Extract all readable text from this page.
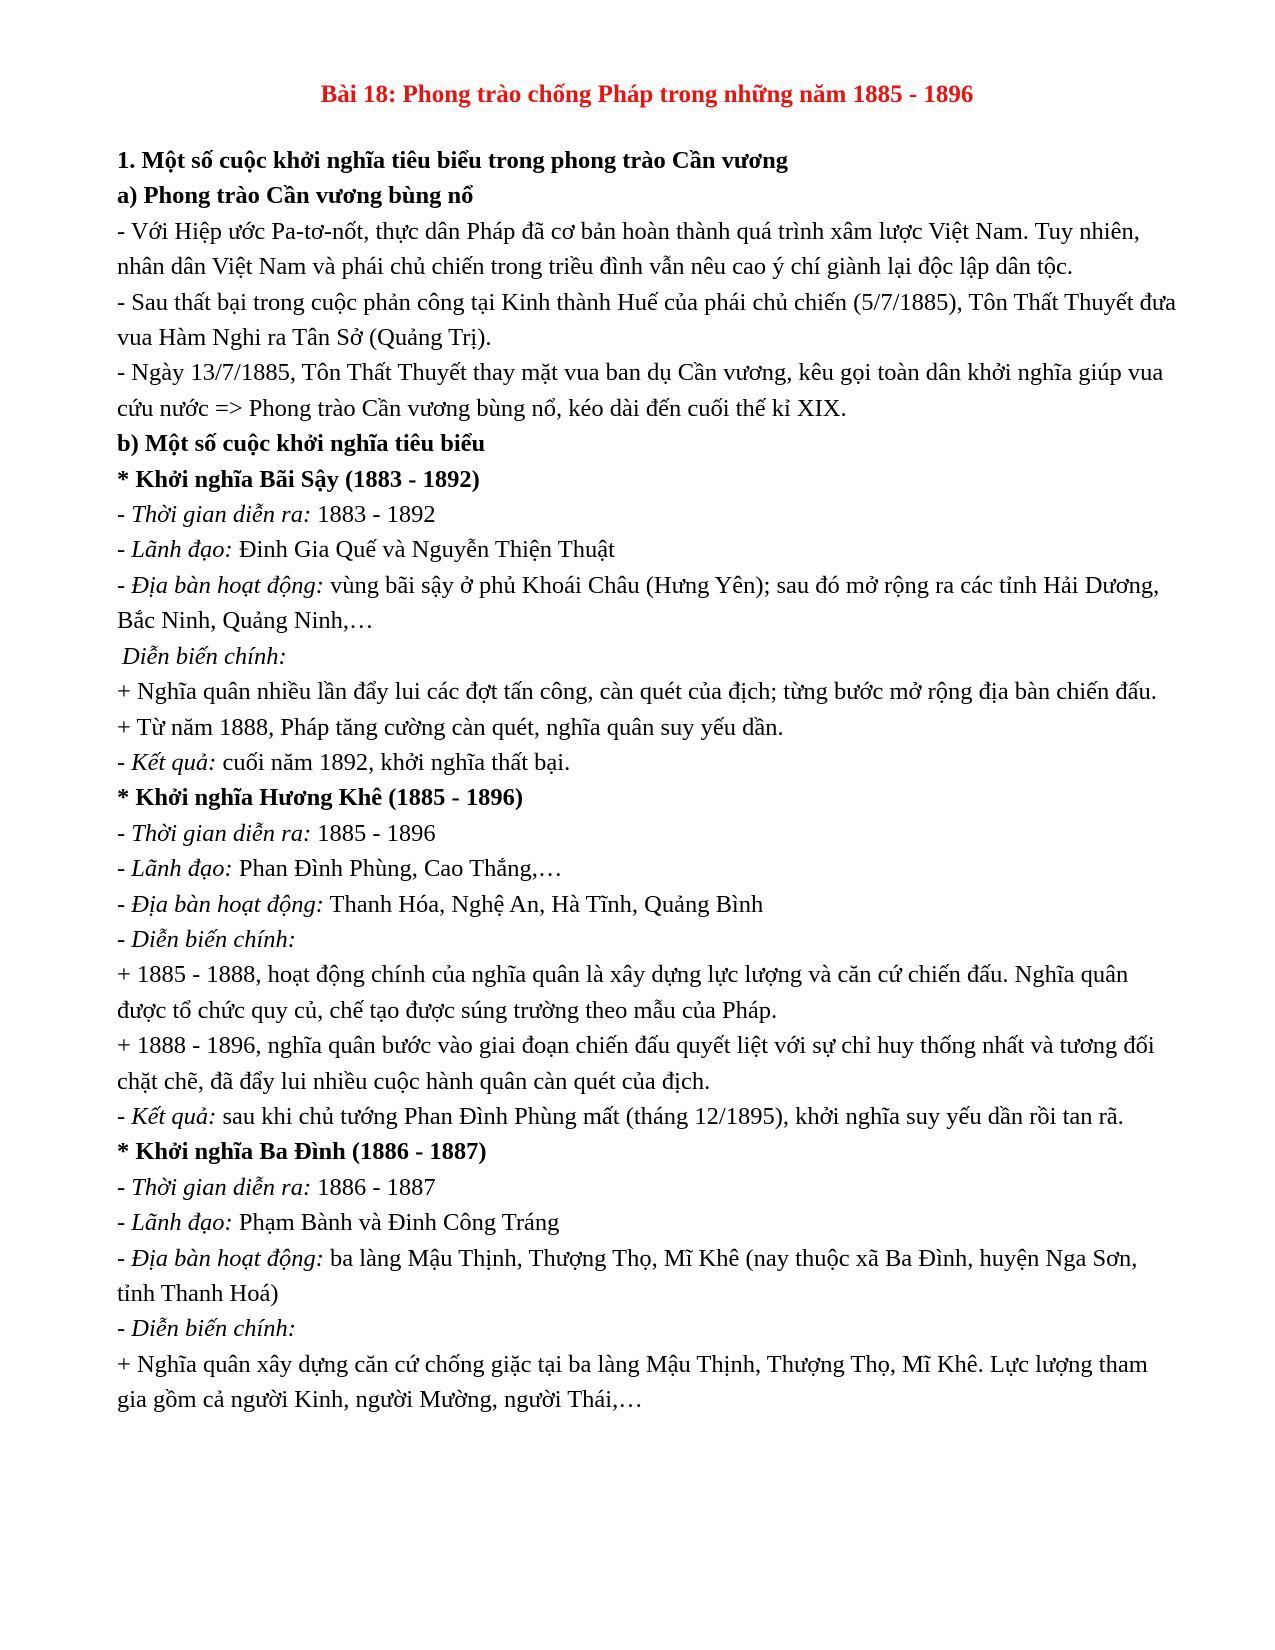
Bài 18: Phong trào chống Pháp trong những năm 1885 - 1896

1. Một số cuộc khởi nghĩa tiêu biểu trong phong trào Cần vương

a) Phong trào Cần vương bùng nổ

- Với Hiệp ước Pa-tơ-nốt, thực dân Pháp đã cơ bản hoàn thành quá trình xâm lược Việt Nam. Tuy nhiên, nhân dân Việt Nam và phái chủ chiến trong triều đình vẫn nêu cao ý chí giành lại độc lập dân tộc.

- Sau thất bại trong cuộc phản công tại Kinh thành Huế của phái chủ chiến (5/7/1885), Tôn Thất Thuyết đưa vua Hàm Nghi ra Tân Sở (Quảng Trị).

- Ngày 13/7/1885, Tôn Thất Thuyết thay mặt vua ban dụ Cần vương, kêu gọi toàn dân khởi nghĩa giúp vua cứu nước => Phong trào Cần vương bùng nổ, kéo dài đến cuối thế kỉ XIX.

b) Một số cuộc khởi nghĩa tiêu biểu

* Khởi nghĩa Bãi Sậy (1883 - 1892)

- Thời gian diễn ra: 1883 - 1892

- Lãnh đạo: Đinh Gia Quế và Nguyễn Thiện Thuật

- Địa bàn hoạt động: vùng bãi sậy ở phủ Khoái Châu (Hưng Yên); sau đó mở rộng ra các tỉnh Hải Dương, Bắc Ninh, Quảng Ninh,…

Diễn biến chính:

+ Nghĩa quân nhiều lần đẩy lui các đợt tấn công, càn quét của địch; từng bước mở rộng địa bàn chiến đấu.

+ Từ năm 1888, Pháp tăng cường càn quét, nghĩa quân suy yếu dần.

- Kết quả: cuối năm 1892, khởi nghĩa thất bại.

* Khởi nghĩa Hương Khê (1885 - 1896)

- Thời gian diễn ra: 1885 - 1896

- Lãnh đạo: Phan Đình Phùng, Cao Thắng,…

- Địa bàn hoạt động: Thanh Hóa, Nghệ An, Hà Tĩnh, Quảng Bình

- Diễn biến chính:

+ 1885 - 1888, hoạt động chính của nghĩa quân là xây dựng lực lượng và căn cứ chiến đấu. Nghĩa quân được tổ chức quy củ, chế tạo được súng trường theo mẫu của Pháp.

+ 1888 - 1896, nghĩa quân bước vào giai đoạn chiến đấu quyết liệt với sự chỉ huy thống nhất và tương đối chặt chẽ, đã đẩy lui nhiều cuộc hành quân càn quét của địch.

- Kết quả: sau khi chủ tướng Phan Đình Phùng mất (tháng 12/1895), khởi nghĩa suy yếu dần rồi tan rã.

* Khởi nghĩa Ba Đình (1886 - 1887)

- Thời gian diễn ra: 1886 - 1887

- Lãnh đạo: Phạm Bành và Đinh Công Tráng

- Địa bàn hoạt động: ba làng Mậu Thịnh, Thượng Thọ, Mĩ Khê (nay thuộc xã Ba Đình, huyện Nga Sơn, tỉnh Thanh Hoá)

- Diễn biến chính:

+ Nghĩa quân xây dựng căn cứ chống giặc tại ba làng Mậu Thịnh, Thượng Thọ, Mĩ Khê. Lực lượng tham gia gồm cả người Kinh, người Mường, người Thái,…
